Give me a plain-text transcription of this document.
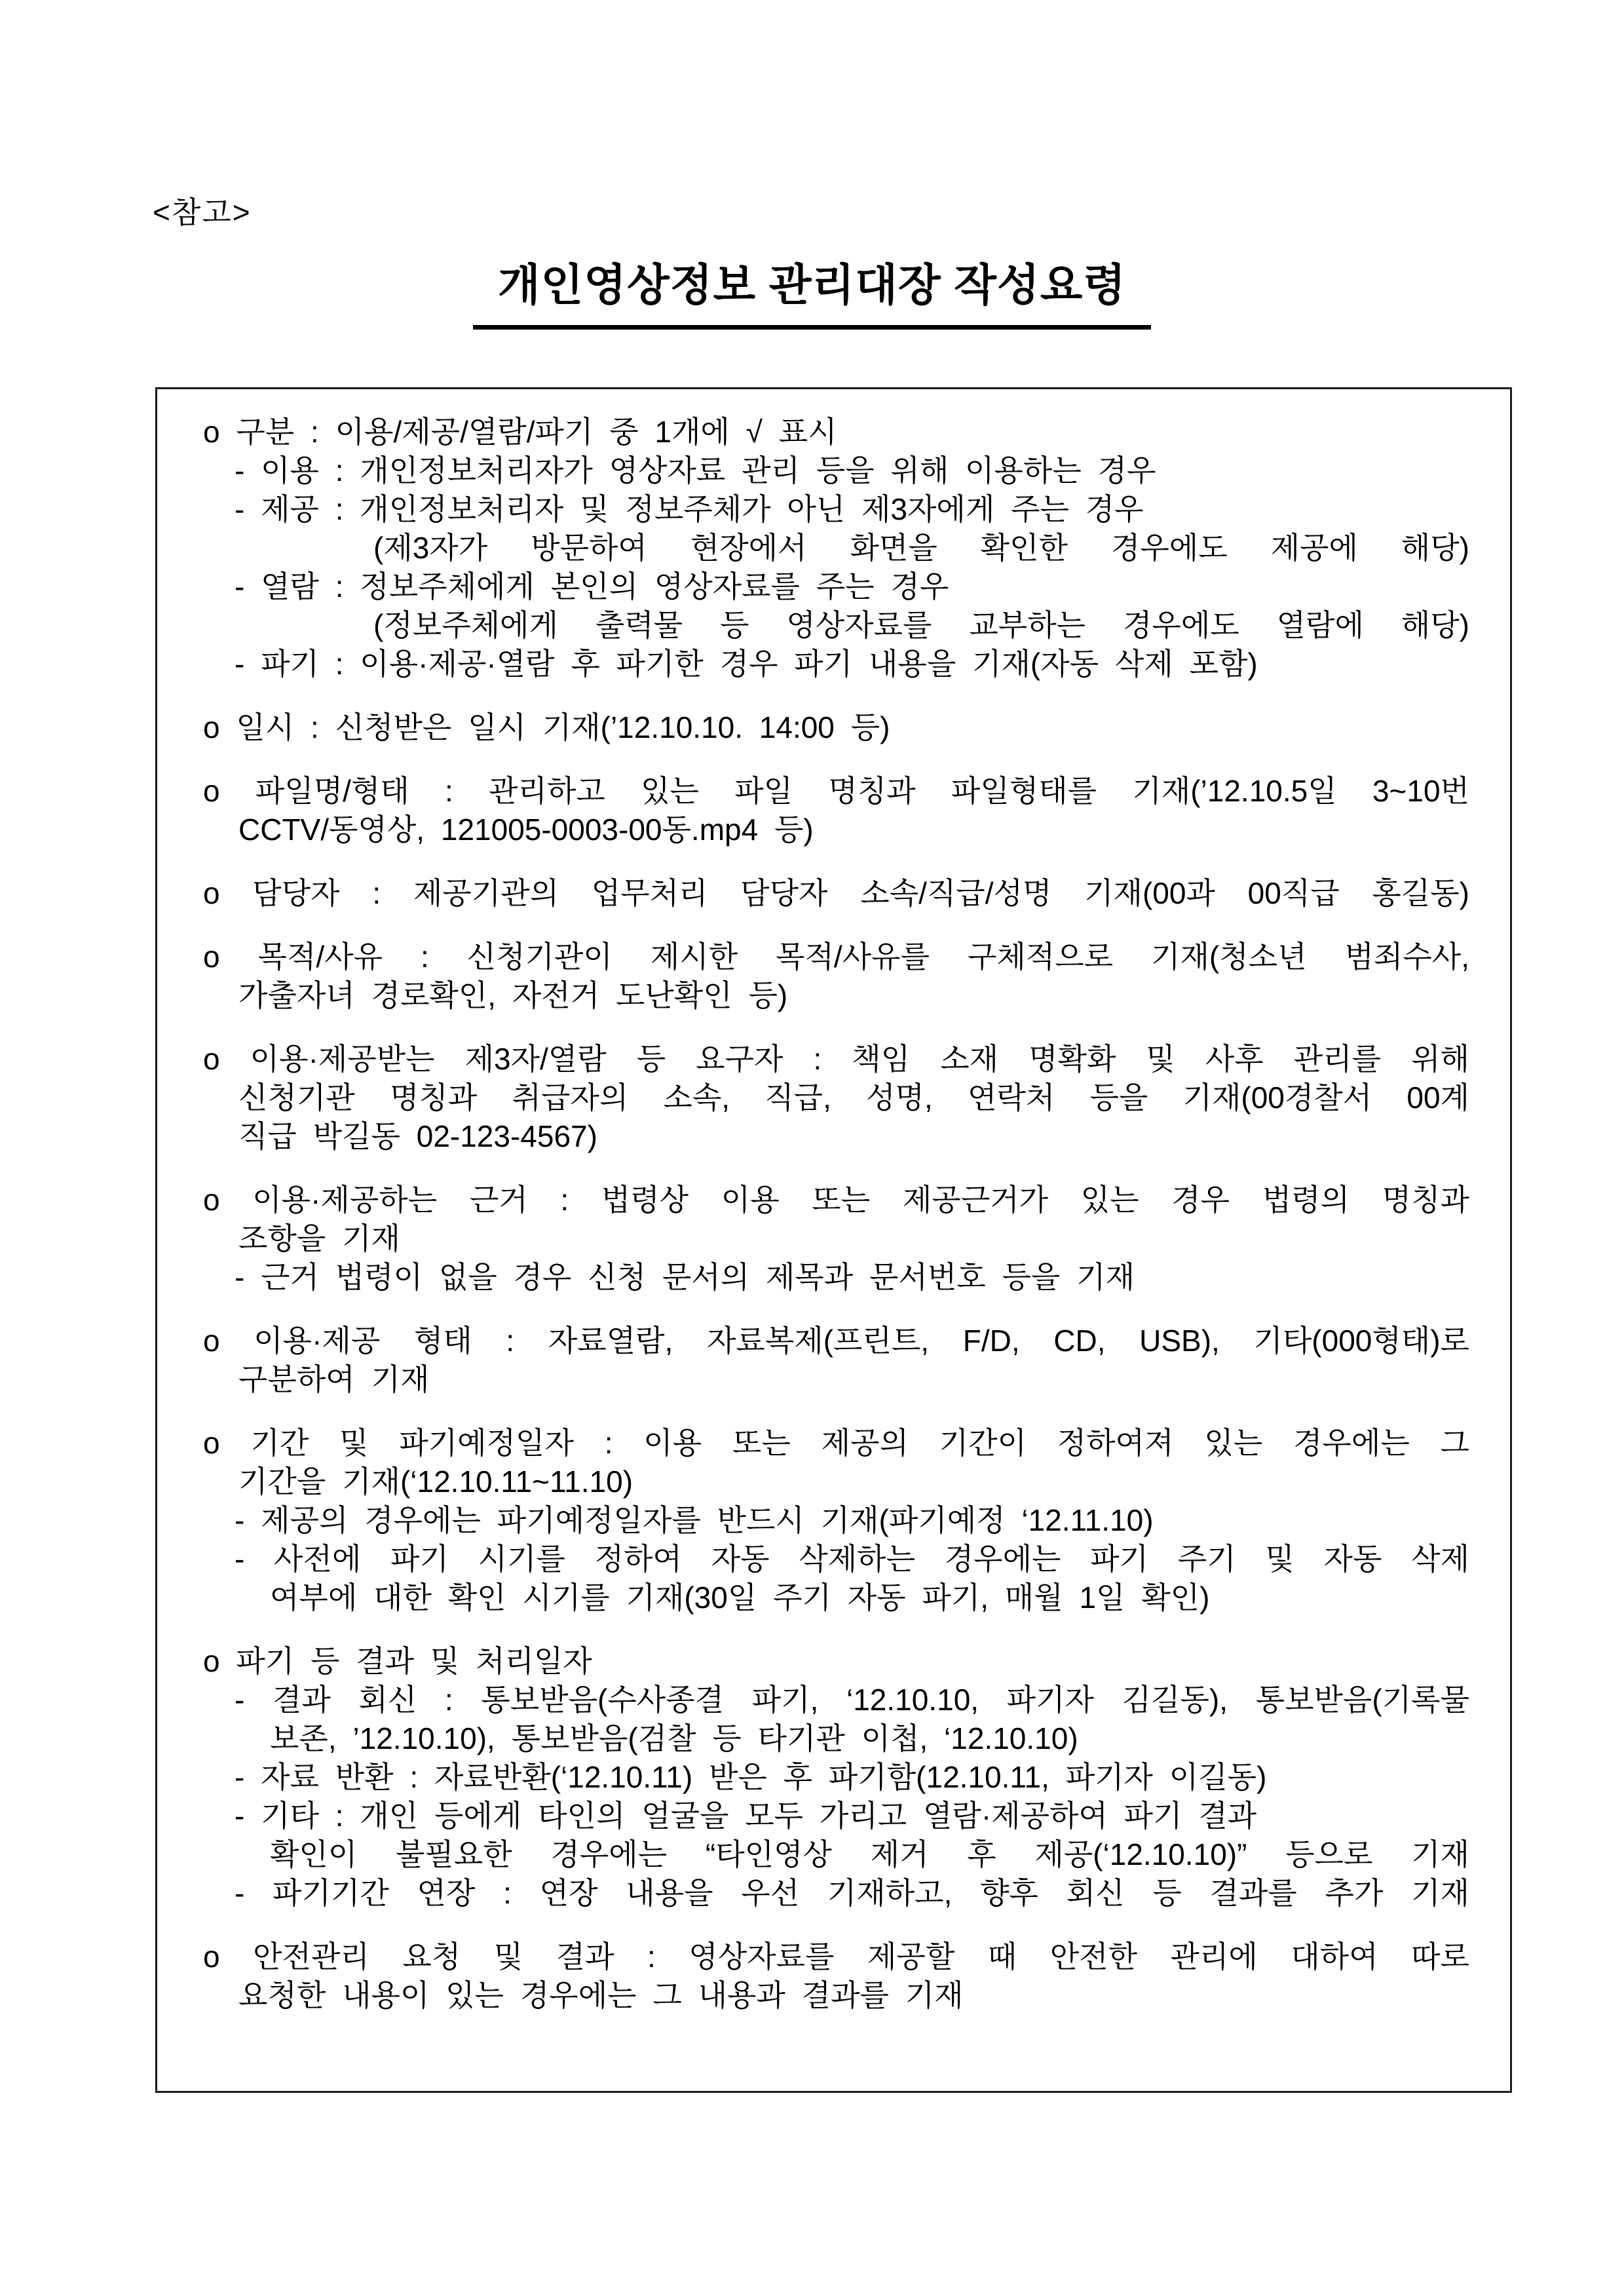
<참고>
개인영상정보 관리대장 작성요령
o 구분 : 이용/제공/열람/파기 중 1개에 √ 표시
- 이용 : 개인정보처리자가 영상자료 관리 등을 위해 이용하는 경우
- 제공 : 개인정보처리자 및 정보주체가 아닌 제3자에게 주는 경우
(제3자가 방문하여 현장에서 화면을 확인한 경우에도 제공에 해당)
- 열람 : 정보주체에게 본인의 영상자료를 주는 경우
(정보주체에게 출력물 등 영상자료를 교부하는 경우에도 열람에 해당)
- 파기 : 이용·제공·열람 후 파기한 경우 파기 내용을 기재(자동 삭제 포함)
o 일시 : 신청받은 일시 기재(’12.10.10. 14:00 등)
o 파일명/형태 : 관리하고 있는 파일 명칭과 파일형태를 기재(’12.10.5일 3~10번
CCTV/동영상, 121005-0003-00동.mp4 등)
o 담당자 : 제공기관의 업무처리 담당자 소속/직급/성명 기재(00과 00직급 홍길동)
o 목적/사유 : 신청기관이 제시한 목적/사유를 구체적으로 기재(청소년 범죄수사,
가출자녀 경로확인, 자전거 도난확인 등)
o 이용·제공받는 제3자/열람 등 요구자 : 책임 소재 명확화 및 사후 관리를 위해
신청기관 명칭과 취급자의 소속, 직급, 성명, 연락처 등을 기재(00경찰서 00계
직급 박길동 02-123-4567)
o 이용·제공하는 근거 : 법령상 이용 또는 제공근거가 있는 경우 법령의 명칭과
조항을 기재
- 근거 법령이 없을 경우 신청 문서의 제목과 문서번호 등을 기재
o 이용·제공 형태 : 자료열람, 자료복제(프린트, F/D, CD, USB), 기타(000형태)로
구분하여 기재
o 기간 및 파기예정일자 : 이용 또는 제공의 기간이 정하여져 있는 경우에는 그
기간을 기재(‘12.10.11~11.10)
- 제공의 경우에는 파기예정일자를 반드시 기재(파기예정 ‘12.11.10)
- 사전에 파기 시기를 정하여 자동 삭제하는 경우에는 파기 주기 및 자동 삭제
여부에 대한 확인 시기를 기재(30일 주기 자동 파기, 매월 1일 확인)
o 파기 등 결과 및 처리일자
- 결과 회신 : 통보받음(수사종결 파기, ‘12.10.10, 파기자 김길동), 통보받음(기록물
보존, ’12.10.10), 통보받음(검찰 등 타기관 이첩, ‘12.10.10)
- 자료 반환 : 자료반환(‘12.10.11) 받은 후 파기함(12.10.11, 파기자 이길동)
- 기타 : 개인 등에게 타인의 얼굴을 모두 가리고 열람·제공하여 파기 결과
확인이 불필요한 경우에는 “타인영상 제거 후 제공(‘12.10.10)” 등으로 기재
- 파기기간 연장 : 연장 내용을 우선 기재하고, 향후 회신 등 결과를 추가 기재
o 안전관리 요청 및 결과 : 영상자료를 제공할 때 안전한 관리에 대하여 따로
요청한 내용이 있는 경우에는 그 내용과 결과를 기재
